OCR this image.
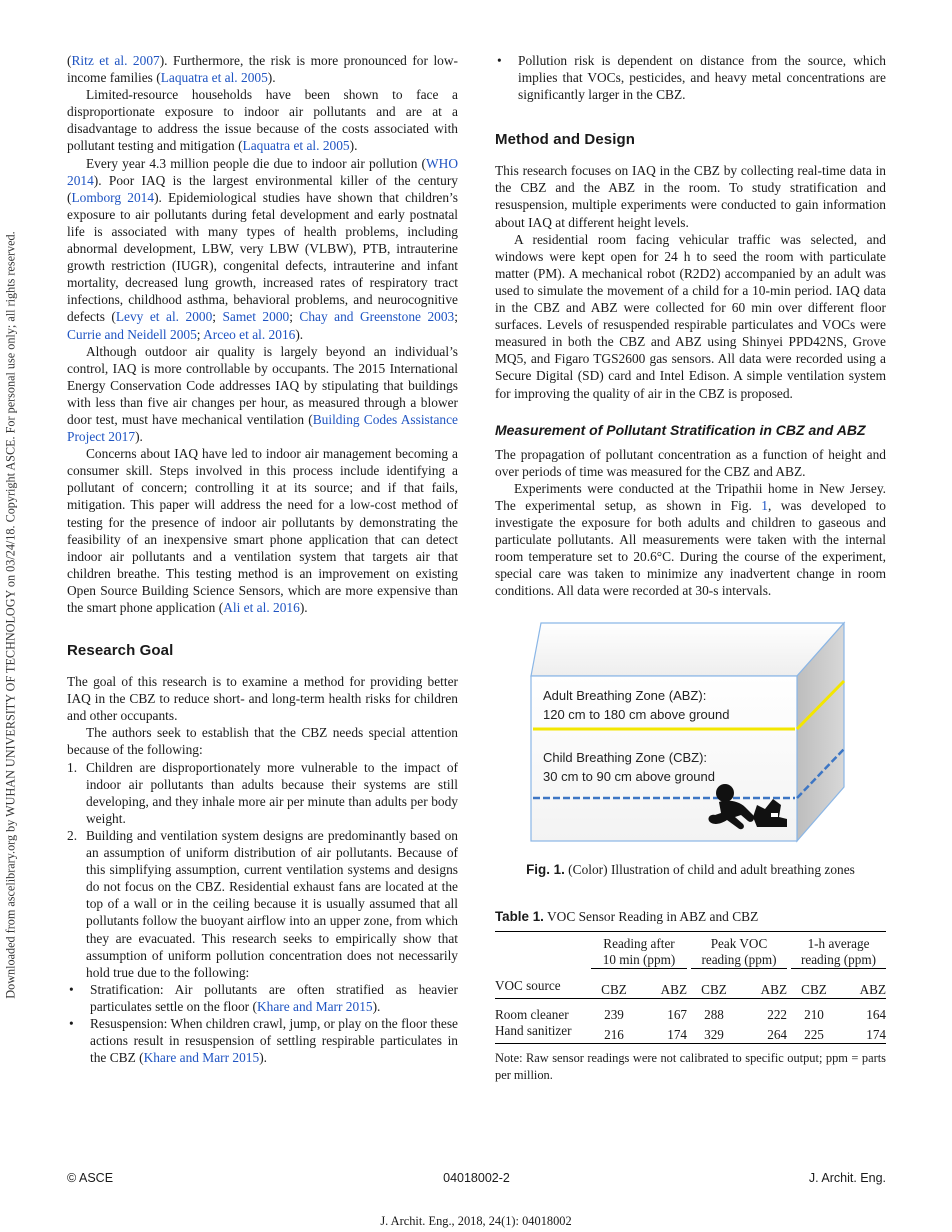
Downloaded from ascelibrary.org by WUHAN UNIVERSITY OF TECHNOLOGY on 03/24/18. Copyright ASCE. For personal use only; all rights reserved.

(Ritz et al. 2007). Furthermore, the risk is more pronounced for low-income families (Laquatra et al. 2005).

Limited-resource households have been shown to face a disproportionate exposure to indoor air pollutants and are at a disadvantage to address the issue because of the costs associated with pollutant testing and mitigation (Laquatra et al. 2005).

Every year 4.3 million people die due to indoor air pollution (WHO 2014). Poor IAQ is the largest environmental killer of the century (Lomborg 2014). Epidemiological studies have shown that children’s exposure to air pollutants during fetal development and early postnatal life is associated with many types of health problems, including abnormal development, LBW, very LBW (VLBW), PTB, intrauterine growth restriction (IUGR), congenital defects, intrauterine and infant mortality, decreased lung growth, increased rates of respiratory tract infections, childhood asthma, behavioral problems, and neurocognitive defects (Levy et al. 2000; Samet 2000; Chay and Greenstone 2003; Currie and Neidell 2005; Arceo et al. 2016).

Although outdoor air quality is largely beyond an individual’s control, IAQ is more controllable by occupants. The 2015 International Energy Conservation Code addresses IAQ by stipulating that buildings with less than five air changes per hour, as measured through a blower door test, must have mechanical ventilation (Building Codes Assistance Project 2017).

Concerns about IAQ have led to indoor air management becoming a consumer skill. Steps involved in this process include identifying a pollutant of concern; controlling it at its source; and if that fails, mitigation. This paper will address the need for a low-cost method of testing for the presence of indoor air pollutants by demonstrating the feasibility of an inexpensive smart phone application that can detect indoor air pollutants and a ventilation system that targets air that children breathe. This testing method is an improvement on existing Open Source Building Science Sensors, which are more expensive than the smart phone application (Ali et al. 2016).

Research Goal

The goal of this research is to examine a method for providing better IAQ in the CBZ to reduce short- and long-term health risks for children and other occupants.

The authors seek to establish that the CBZ needs special attention because of the following:

1. Children are disproportionately more vulnerable to the impact of indoor air pollutants than adults because their systems are still developing, and they inhale more air per minute than adults per body weight.
2. Building and ventilation system designs are predominantly based on an assumption of uniform distribution of air pollutants. Because of this simplifying assumption, current ventilation systems and designs do not focus on the CBZ. Residential exhaust fans are located at the top of a wall or in the ceiling because it is usually assumed that all pollutants follow the buoyant airflow into an upper zone, from which they are evacuated. This research seeks to empirically show that assumption of uniform pollution concentration does not necessarily hold true due to the following:
• Stratification: Air pollutants are often stratified as heavier particulates settle on the floor (Khare and Marr 2015).
• Resuspension: When children crawl, jump, or play on the floor these actions result in resuspension of settling respirable particulates in the CBZ (Khare and Marr 2015).
• Pollution risk is dependent on distance from the source, which implies that VOCs, pesticides, and heavy metal concentrations are significantly larger in the CBZ.
Method and Design

This research focuses on IAQ in the CBZ by collecting real-time data in the CBZ and the ABZ in the room. To study stratification and resuspension, multiple experiments were conducted to gain information about IAQ at different height levels.

A residential room facing vehicular traffic was selected, and windows were kept open for 24 h to seed the room with particulate matter (PM). A mechanical robot (R2D2) accompanied by an adult was used to simulate the movement of a child for a 10-min period. IAQ data in the CBZ and ABZ were collected for 60 min over different floor surfaces. Levels of resuspended respirable particulates and VOCs were measured in both the CBZ and ABZ using Shinyei PPD42NS, Grove MQ5, and Figaro TGS2600 gas sensors. All data were recorded using a Secure Digital (SD) card and Intel Edison. A simple ventilation system for improving the quality of air in the CBZ is proposed.

Measurement of Pollutant Stratification in CBZ and ABZ

The propagation of pollutant concentration as a function of height and over periods of time was measured for the CBZ and ABZ.

Experiments were conducted at the Tripathii home in New Jersey. The experimental setup, as shown in Fig. 1, was developed to investigate the exposure for both adults and children to gaseous and particulate pollutants. All measurements were taken with the internal room temperature set to 20.6°C. During the course of the experiment, special care was taken to minimize any inadvertent change in room conditions. All data were recorded at 30-s intervals.

Adult Breathing Zone (ABZ):
120 cm to 180 cm above ground
Child Breathing Zone (CBZ):
30 cm to 90 cm above ground
Fig. 1. (Color) Illustration of child and adult breathing zones
Table 1. VOC Sensor Reading in ABZ and CBZ

	Reading after
10 min (ppm)			Peak VOC
reading (ppm)			1-h average
reading (ppm)	

VOC source	CBZ	ABZ		CBZ	ABZ		CBZ	ABZ

Room cleaner	239	167		288	222		210	164
Hand sanitizer	216	174		329	264		225	174

Note: Raw sensor readings were not calibrated to specific output; ppm = parts per million.

© ASCE	04018002-2	J. Archit. Eng.
J. Archit. Eng., 2018, 24(1): 04018002
